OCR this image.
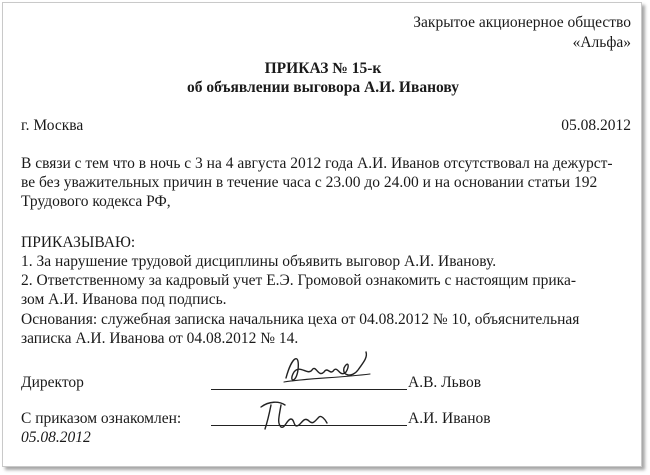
Закрытое акционерное общество
«Альфа»
ПРИКАЗ № 15-к
об объявлении выговора А.И. Иванову
г. Москва	05.08.2012
В связи с тем что в ночь с 3 на 4 августа 2012 года А.И. Иванов отсутствовал на дежурст-
ве без уважительных причин в течение часа с 23.00 до 24.00 и на основании статьи 192
Трудового кодекса РФ,
ПРИКАЗЫВАЮ:
1. За нарушение трудовой дисциплины объявить выговор А.И. Иванову.
2. Ответственному за кадровый учет Е.Э. Громовой ознакомить с настоящим прика-
зом А.И. Иванова под подпись.
Основания: служебная записка начальника цеха от 04.08.2012 № 10, объяснительная
записка А.И. Иванова от 04.08.2012 № 14.
Директор	А.В. Львов
С приказом ознакомлен:	А.И. Иванов
05.08.2012
